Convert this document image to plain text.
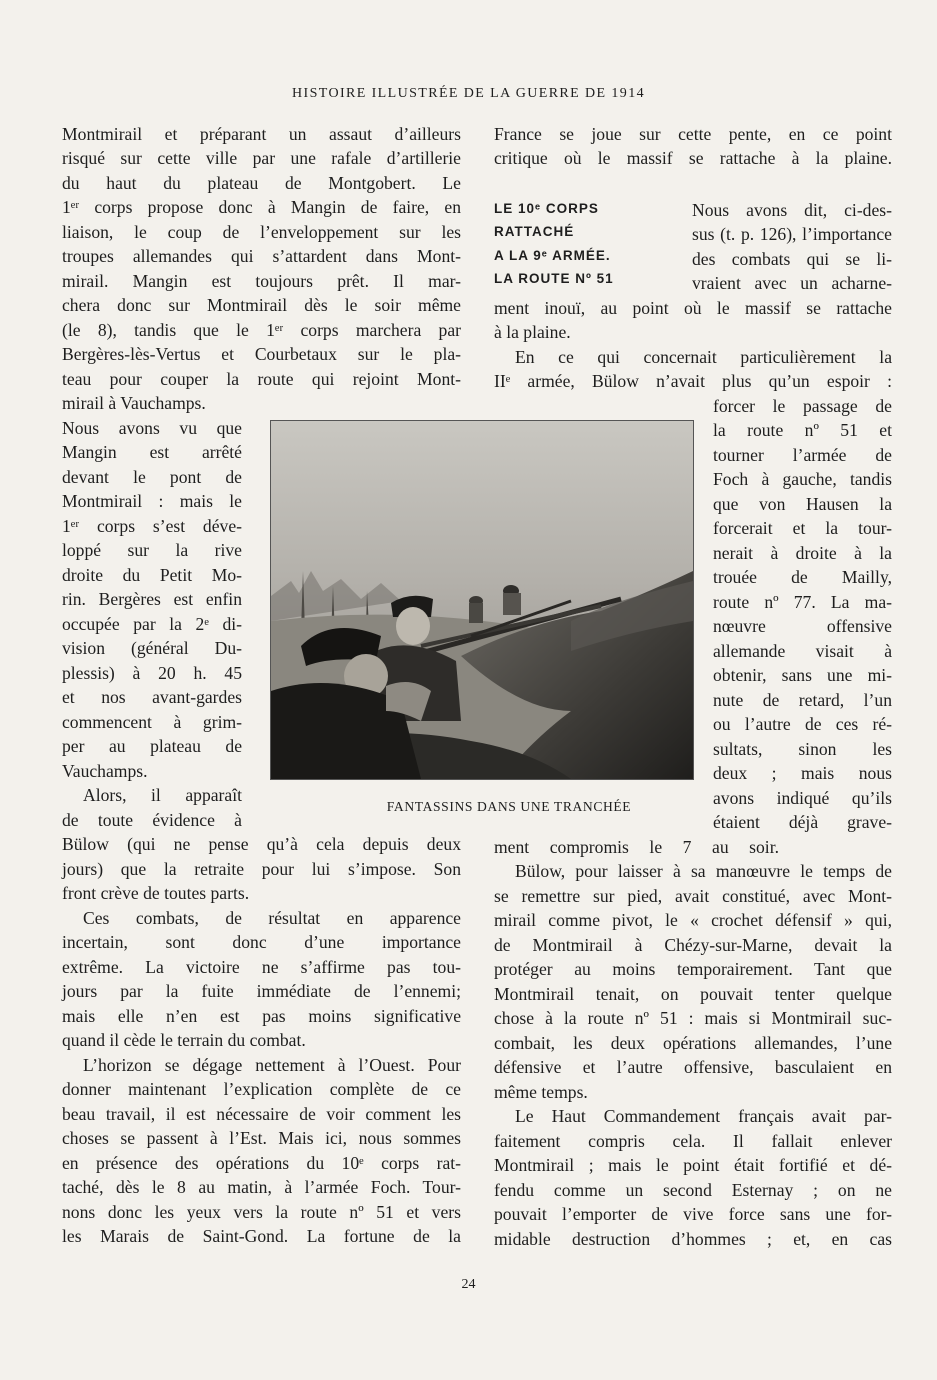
HISTOIRE ILLUSTRÉE DE LA GUERRE DE 1914
Montmirail et préparant un assaut d’ailleurs
risqué sur cette ville par une rafale d’artillerie
du haut du plateau de Montgobert. Le
1ᵉʳ corps propose donc à Mangin de faire, en
liaison, le coup de l’enveloppement sur les
troupes allemandes qui s’attardent dans Mont-
mirail. Mangin est toujours prêt. Il mar-
chera donc sur Montmirail dès le soir même
(le 8), tandis que le 1ᵉʳ corps marchera par
Bergères-lès-Vertus et Courbetaux sur le pla-
teau pour couper la route qui rejoint Mont-
mirail à Vauchamps.
Nous avons vu que
Mangin est arrêté
devant le pont de
Montmirail : mais le
1ᵉʳ corps s’est déve-
loppé sur la rive
droite du Petit Mo-
rin. Bergères est enfin
occupée par la 2ᵉ di-
vision (général Du-
plessis) à 20 h. 45
et nos avant-gardes
commencent à grim-
per au plateau de
Vauchamps.
Alors, il apparaît
de toute évidence à
Bülow (qui ne pense qu’à cela depuis deux
jours) que la retraite pour lui s’impose. Son
front crève de toutes parts.
Ces combats, de résultat en apparence
incertain, sont donc d’une importance
extrême. La victoire ne s’affirme pas tou-
jours par la fuite immédiate de l’ennemi;
mais elle n’en est pas moins significative
quand il cède le terrain du combat.
L’horizon se dégage nettement à l’Ouest. Pour
donner maintenant l’explication complète de ce
beau travail, il est nécessaire de voir comment les
choses se passent à l’Est. Mais ici, nous sommes
en présence des opérations du 10ᵉ corps rat-
taché, dès le 8 au matin, à l’armée Foch. Tour-
nons donc les yeux vers la route nº 51 et vers
les Marais de Saint-Gond. La fortune de la
France se joue sur cette pente, en ce point
critique où le massif se rattache à la plaine.
LE 10ᵉ CORPS
RATTACHÉ
A LA 9ᵉ ARMÉE.
LA ROUTE Nº 51
Nous avons dit, ci-des-
sus (t. p. 126), l’importance
des combats qui se li-
vraient avec un acharne-
ment inouï, au point où le massif se rattache
à la plaine.
En ce qui concernait particulièrement la
IIᵉ armée, Bülow n’avait plus qu’un espoir :
forcer le passage de
la route nº 51 et
tourner l’armée de
Foch à gauche, tandis
que von Hausen la
forcerait et la tour-
nerait à droite à la
trouée de Mailly,
route nº 77. La ma-
nœuvre offensive
allemande visait à
obtenir, sans une mi-
nute de retard, l’un
ou l’autre de ces ré-
sultats, sinon les
deux ; mais nous
avons indiqué qu’ils
étaient déjà grave-
ment compromis le 7 au soir.
Bülow, pour laisser à sa manœuvre le temps de
se remettre sur pied, avait constitué, avec Mont-
mirail comme pivot, le « crochet défensif » qui,
de Montmirail à Chézy-sur-Marne, devait la
protéger au moins temporairement. Tant que
Montmirail tenait, on pouvait tenter quelque
chose à la route nº 51 : mais si Montmirail suc-
combait, les deux opérations allemandes, l’une
défensive et l’autre offensive, basculaient en
même temps.
Le Haut Commandement français avait par-
faitement compris cela. Il fallait enlever
Montmirail ; mais le point était fortifié et dé-
fendu comme un second Esternay ; on ne
pouvait l’emporter de vive force sans une for-
midable destruction d’hommes ; et, en cas
FANTASSINS DANS UNE TRANCHÉE
24
